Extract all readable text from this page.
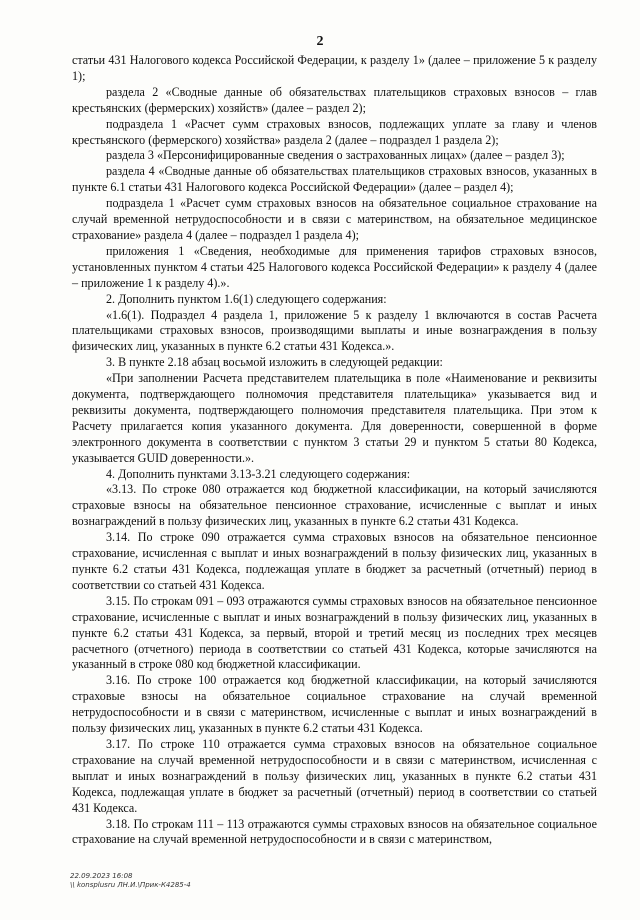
2

статьи 431 Налогового кодекса Российской Федерации, к разделу 1» (далее – приложение 5 к разделу 1);

раздела 2 «Сводные данные об обязательствах плательщиков страховых взносов – глав крестьянских (фермерских) хозяйств» (далее – раздел 2);

подраздела 1 «Расчет сумм страховых взносов, подлежащих уплате за главу и членов крестьянского (фермерского) хозяйства» раздела 2 (далее – подраздел 1 раздела 2);

раздела 3 «Персонифицированные сведения о застрахованных лицах» (далее – раздел 3);

раздела 4 «Сводные данные об обязательствах плательщиков страховых взносов, указанных в пункте 6.1 статьи 431 Налогового кодекса Российской Федерации» (далее – раздел 4);

подраздела 1 «Расчет сумм страховых взносов на обязательное социальное страхование на случай временной нетрудоспособности и в связи с материнством, на обязательное медицинское страхование» раздела 4 (далее – подраздел 1 раздела 4);

приложения 1 «Сведения, необходимые для применения тарифов страховых взносов, установленных пунктом 4 статьи 425 Налогового кодекса Российской Федерации» к разделу 4 (далее – приложение 1 к разделу 4).».

2. Дополнить пунктом 1.6(1) следующего содержания:

«1.6(1). Подраздел 4 раздела 1, приложение 5 к разделу 1 включаются в состав Расчета плательщиками страховых взносов, производящими выплаты и иные вознаграждения в пользу физических лиц, указанных в пункте 6.2 статьи 431 Кодекса.».

3. В пункте 2.18 абзац восьмой изложить в следующей редакции:

«При заполнении Расчета представителем плательщика в поле «Наименование и реквизиты документа, подтверждающего полномочия представителя плательщика» указывается вид и реквизиты документа, подтверждающего полномочия представителя плательщика. При этом к Расчету прилагается копия указанного документа. Для доверенности, совершенной в форме электронного документа в соответствии с пунктом 3 статьи 29 и пунктом 5 статьи 80 Кодекса, указывается GUID доверенности.».

4. Дополнить пунктами 3.13-3.21 следующего содержания:

«3.13. По строке 080 отражается код бюджетной классификации, на который зачисляются страховые взносы на обязательное пенсионное страхование, исчисленные с выплат и иных вознаграждений в пользу физических лиц, указанных в пункте 6.2 статьи 431 Кодекса.

3.14. По строке 090 отражается сумма страховых взносов на обязательное пенсионное страхование, исчисленная с выплат и иных вознаграждений в пользу физических лиц, указанных в пункте 6.2 статьи 431 Кодекса, подлежащая уплате в бюджет за расчетный (отчетный) период в соответствии со статьей 431 Кодекса.

3.15. По строкам 091 – 093 отражаются суммы страховых взносов на обязательное пенсионное страхование, исчисленные с выплат и иных вознаграждений в пользу физических лиц, указанных в пункте 6.2 статьи 431 Кодекса, за первый, второй и третий месяц из последних трех месяцев расчетного (отчетного) периода в соответствии со статьей 431 Кодекса, которые зачисляются на указанный в строке 080 код бюджетной классификации.

3.16. По строке 100 отражается код бюджетной классификации, на который зачисляются страховые взносы на обязательное социальное страхование на случай временной нетрудоспособности и в связи с материнством, исчисленные с выплат и иных вознаграждений в пользу физических лиц, указанных в пункте 6.2 статьи 431 Кодекса.

3.17. По строке 110 отражается сумма страховых взносов на обязательное социальное страхование на случай временной нетрудоспособности и в связи с материнством, исчисленная с выплат и иных вознаграждений в пользу физических лиц, указанных в пункте 6.2 статьи 431 Кодекса, подлежащая уплате в бюджет за расчетный (отчетный) период в соответствии со статьей 431 Кодекса.

3.18. По строкам 111 – 113 отражаются суммы страховых взносов на обязательное социальное страхование на случай временной нетрудоспособности и в связи с материнством,

22.09.2023 16:08
\\ konsplusru ЛН.И.\Прик-К4285-4
